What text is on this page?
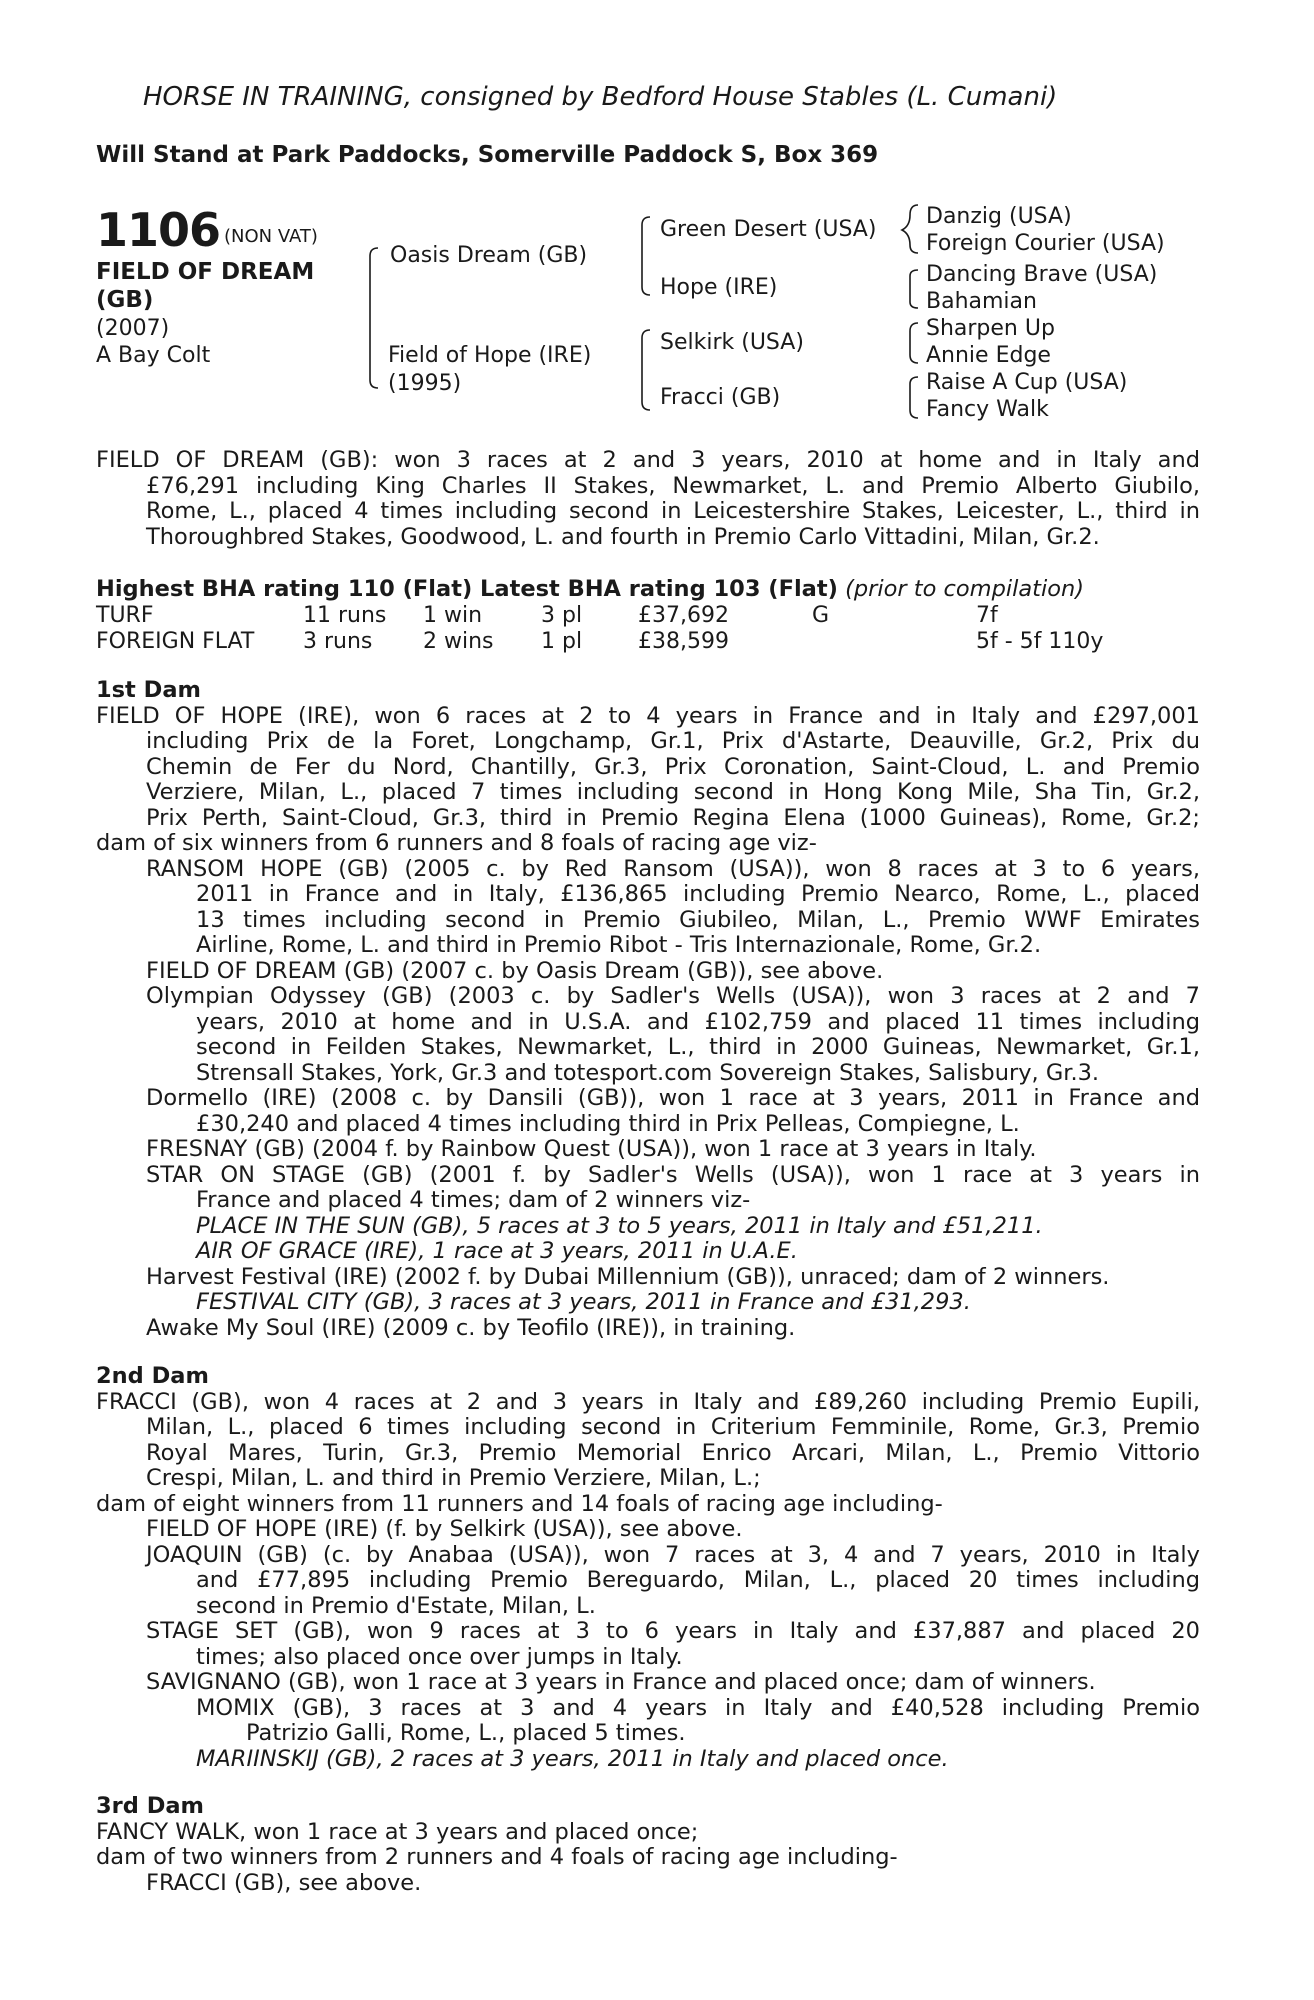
HORSE IN TRAINING, consigned by Bedford House Stables (L. Cumani)
Will Stand at Park Paddocks, Somerville Paddock S, Box 369
1106 (NON VAT)
FIELD OF DREAM
(GB)
(2007)
A Bay Colt
Oasis Dream (GB)
Field of Hope (IRE)
(1995)
Green Desert (USA)
Hope (IRE)
Selkirk (USA)
Fracci (GB)
Danzig (USA)
Foreign Courier (USA)
Dancing Brave (USA)
Bahamian
Sharpen Up
Annie Edge
Raise A Cup (USA)
Fancy Walk
FIELD OF DREAM (GB): won 3 races at 2 and 3 years, 2010 at home and in Italy and
£76,291 including King Charles II Stakes, Newmarket, L. and Premio Alberto Giubilo,
Rome, L., placed 4 times including second in Leicestershire Stakes, Leicester, L., third in
Thoroughbred Stakes, Goodwood, L. and fourth in Premio Carlo Vittadini, Milan, Gr.2.
Highest BHA rating 110 (Flat) Latest BHA rating 103 (Flat) (prior to compilation)
TURF	11 runs 1 win	3 pl	£37,692	G	7f
FOREIGN FLAT 3 runs 2 wins 1 pl	£38,599	5f - 5f 110y
1st Dam
FIELD OF HOPE (IRE), won 6 races at 2 to 4 years in France and in Italy and £297,001
including Prix de la Foret, Longchamp, Gr.1, Prix d'Astarte, Deauville, Gr.2, Prix du
Chemin de Fer du Nord, Chantilly, Gr.3, Prix Coronation, Saint-Cloud, L. and Premio
Verziere, Milan, L., placed 7 times including second in Hong Kong Mile, Sha Tin, Gr.2,
Prix Perth, Saint-Cloud, Gr.3, third in Premio Regina Elena (1000 Guineas), Rome, Gr.2;
dam of six winners from 6 runners and 8 foals of racing age viz-
RANSOM HOPE (GB) (2005 c. by Red Ransom (USA)), won 8 races at 3 to 6 years,
2011 in France and in Italy, £136,865 including Premio Nearco, Rome, L., placed
13 times including second in Premio Giubileo, Milan, L., Premio WWF Emirates
Airline, Rome, L. and third in Premio Ribot - Tris Internazionale, Rome, Gr.2.
FIELD OF DREAM (GB) (2007 c. by Oasis Dream (GB)), see above.
Olympian Odyssey (GB) (2003 c. by Sadler's Wells (USA)), won 3 races at 2 and 7
years, 2010 at home and in U.S.A. and £102,759 and placed 11 times including
second in Feilden Stakes, Newmarket, L., third in 2000 Guineas, Newmarket, Gr.1,
Strensall Stakes, York, Gr.3 and totesport.com Sovereign Stakes, Salisbury, Gr.3.
Dormello (IRE) (2008 c. by Dansili (GB)), won 1 race at 3 years, 2011 in France and
£30,240 and placed 4 times including third in Prix Pelleas, Compiegne, L.
FRESNAY (GB) (2004 f. by Rainbow Quest (USA)), won 1 race at 3 years in Italy.
STAR ON STAGE (GB) (2001 f. by Sadler's Wells (USA)), won 1 race at 3 years in
France and placed 4 times; dam of 2 winners viz-
PLACE IN THE SUN (GB), 5 races at 3 to 5 years, 2011 in Italy and £51,211.
AIR OF GRACE (IRE), 1 race at 3 years, 2011 in U.A.E.
Harvest Festival (IRE) (2002 f. by Dubai Millennium (GB)), unraced; dam of 2 winners.
FESTIVAL CITY (GB), 3 races at 3 years, 2011 in France and £31,293.
Awake My Soul (IRE) (2009 c. by Teofilo (IRE)), in training.
2nd Dam
FRACCI (GB), won 4 races at 2 and 3 years in Italy and £89,260 including Premio Eupili,
Milan, L., placed 6 times including second in Criterium Femminile, Rome, Gr.3, Premio
Royal Mares, Turin, Gr.3, Premio Memorial Enrico Arcari, Milan, L., Premio Vittorio
Crespi, Milan, L. and third in Premio Verziere, Milan, L.;
dam of eight winners from 11 runners and 14 foals of racing age including-
FIELD OF HOPE (IRE) (f. by Selkirk (USA)), see above.
JOAQUIN (GB) (c. by Anabaa (USA)), won 7 races at 3, 4 and 7 years, 2010 in Italy
and £77,895 including Premio Bereguardo, Milan, L., placed 20 times including
second in Premio d'Estate, Milan, L.
STAGE SET (GB), won 9 races at 3 to 6 years in Italy and £37,887 and placed 20
times; also placed once over jumps in Italy.
SAVIGNANO (GB), won 1 race at 3 years in France and placed once; dam of winners.
MOMIX (GB), 3 races at 3 and 4 years in Italy and £40,528 including Premio
Patrizio Galli, Rome, L., placed 5 times.
MARIINSKIJ (GB), 2 races at 3 years, 2011 in Italy and placed once.
3rd Dam
FANCY WALK, won 1 race at 3 years and placed once;
dam of two winners from 2 runners and 4 foals of racing age including-
FRACCI (GB), see above.
